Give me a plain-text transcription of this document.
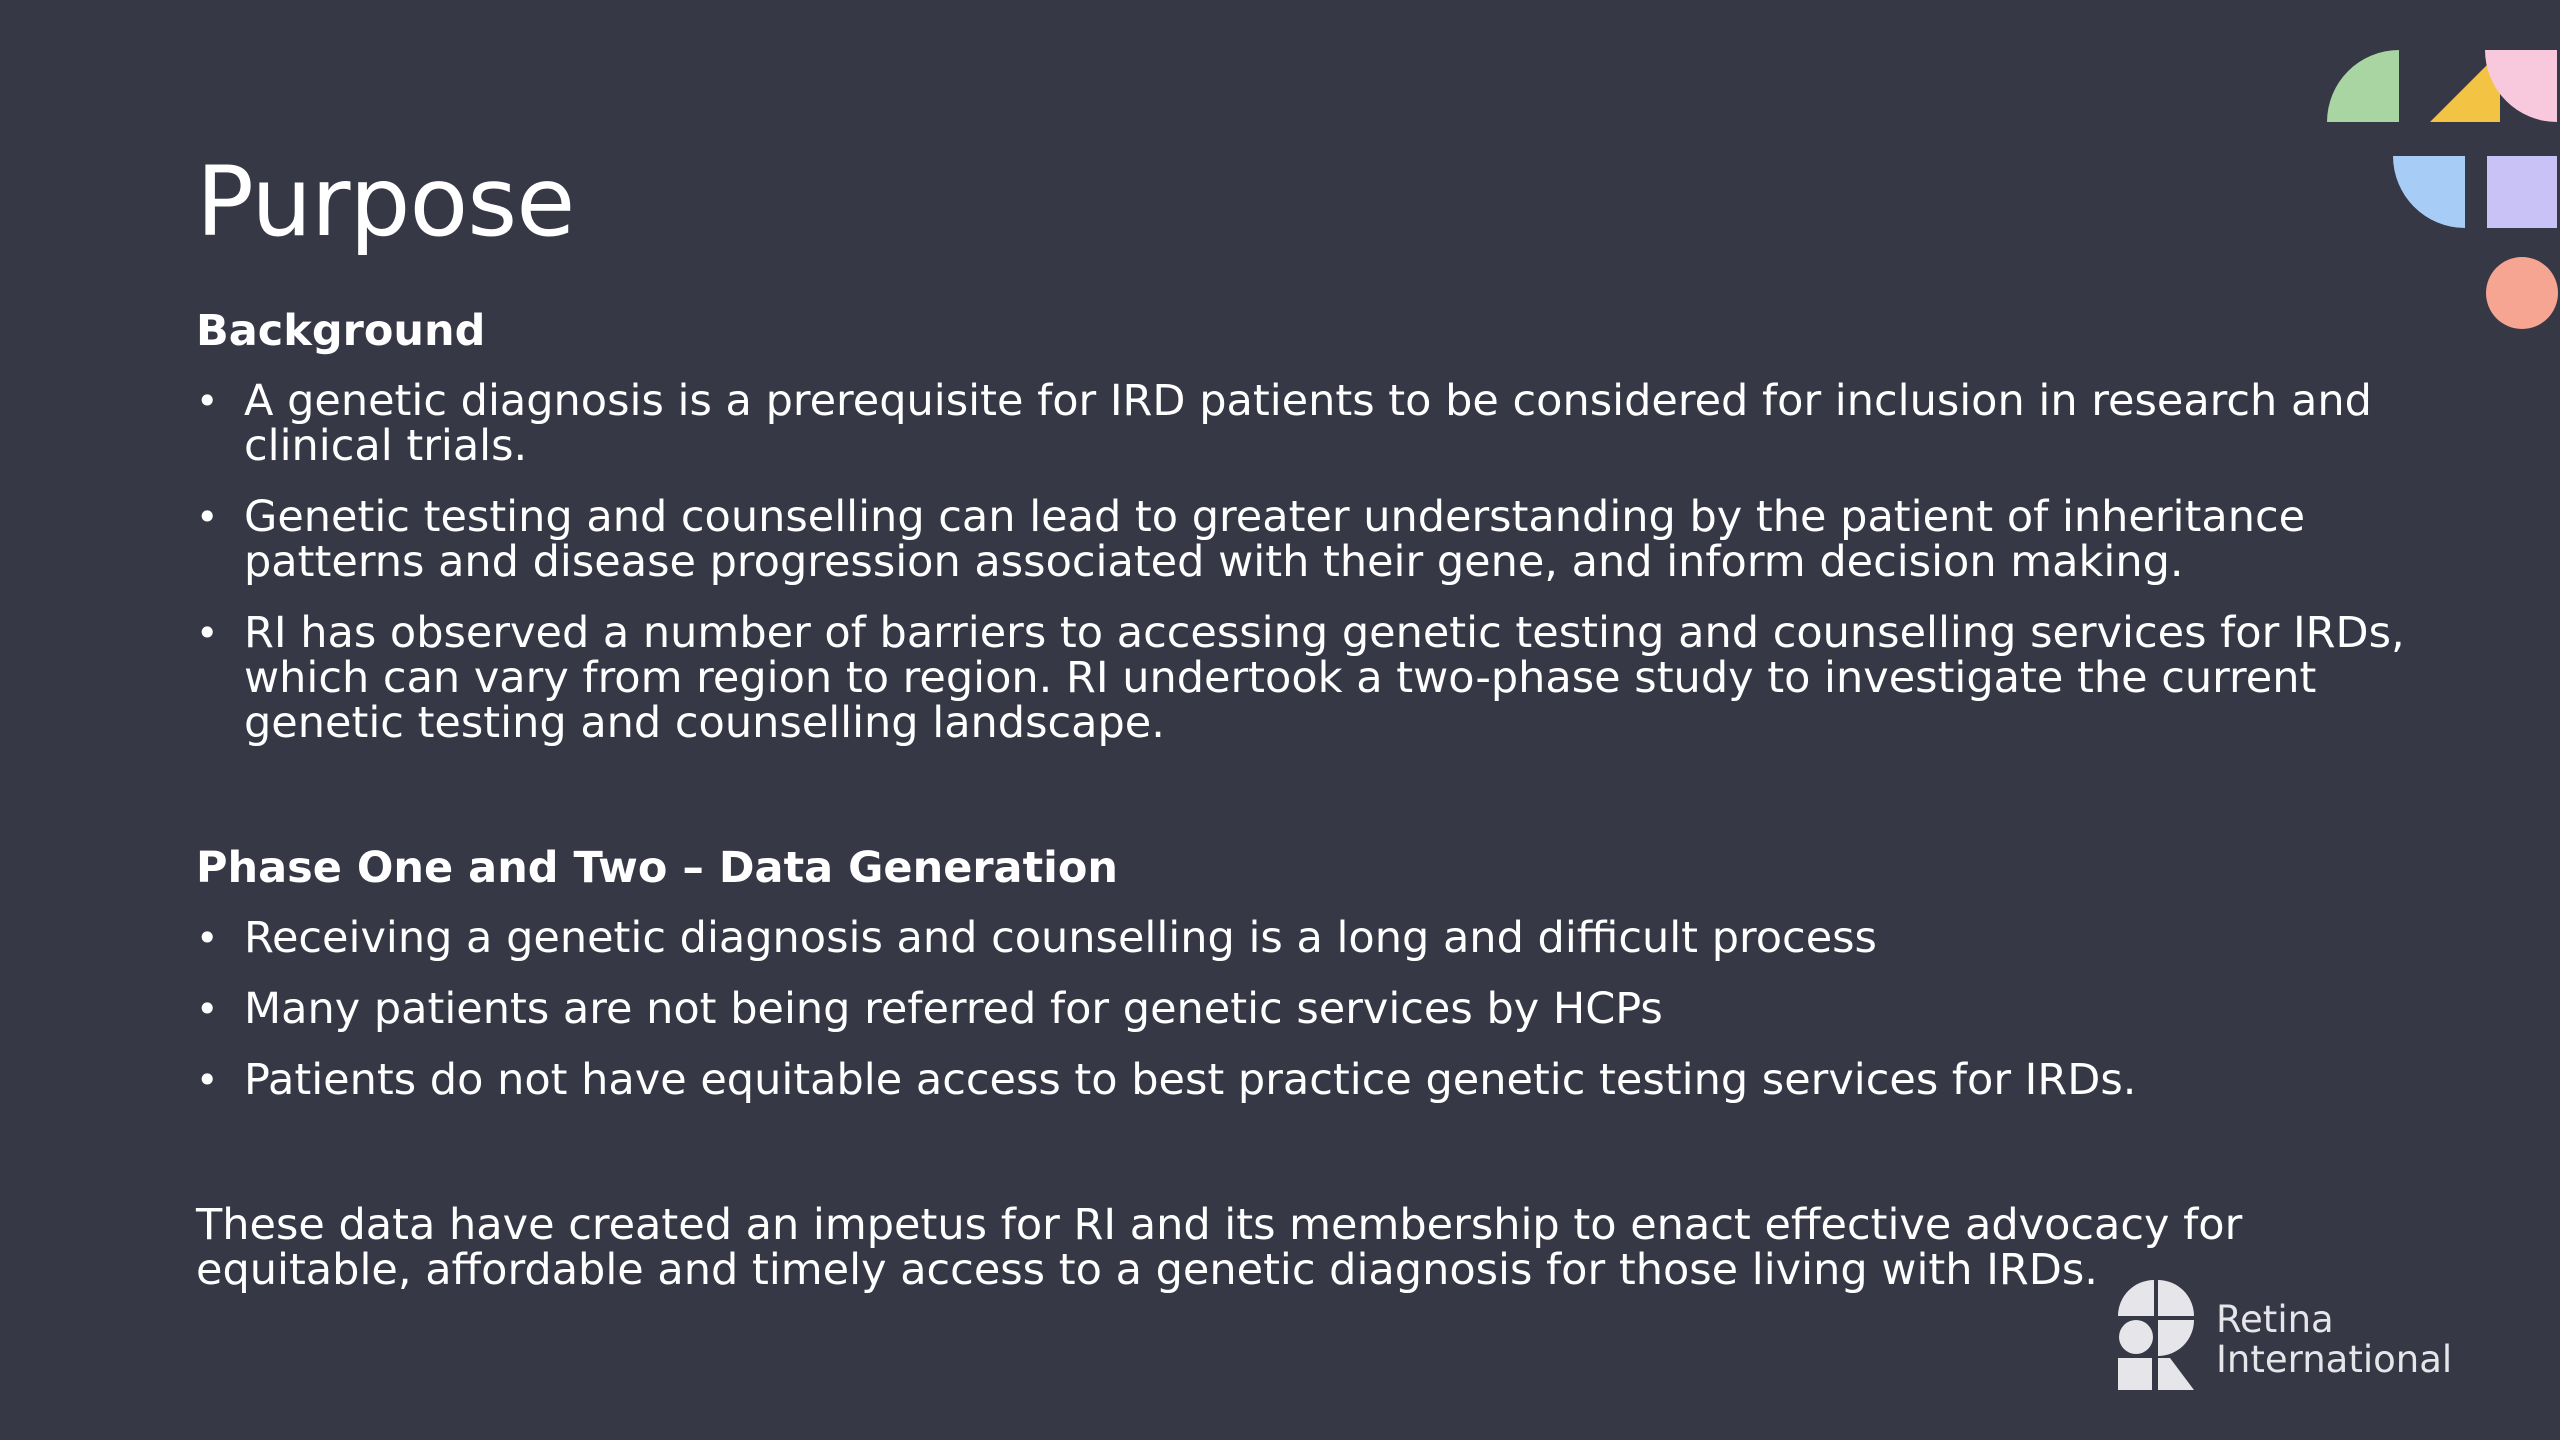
Purpose
Background
• A genetic diagnosis is a prerequisite for IRD patients to be considered for inclusion in research and clinical trials.
• Genetic testing and counselling can lead to greater understanding by the patient of inheritance patterns and disease progression associated with their gene, and inform decision making.
• RI has observed a number of barriers to accessing genetic testing and counselling services for IRDs, which can vary from region to region. RI undertook a two-phase study to investigate the current genetic testing and counselling landscape.
Phase One and Two – Data Generation
• Receiving a genetic diagnosis and counselling is a long and difficult process
• Many patients are not being referred for genetic services by HCPs
• Patients do not have equitable access to best practice genetic testing services for IRDs.

These data have created an impetus for RI and its membership to enact effective advocacy for equitable, affordable and timely access to a genetic diagnosis for those living with IRDs.

Retina
International
